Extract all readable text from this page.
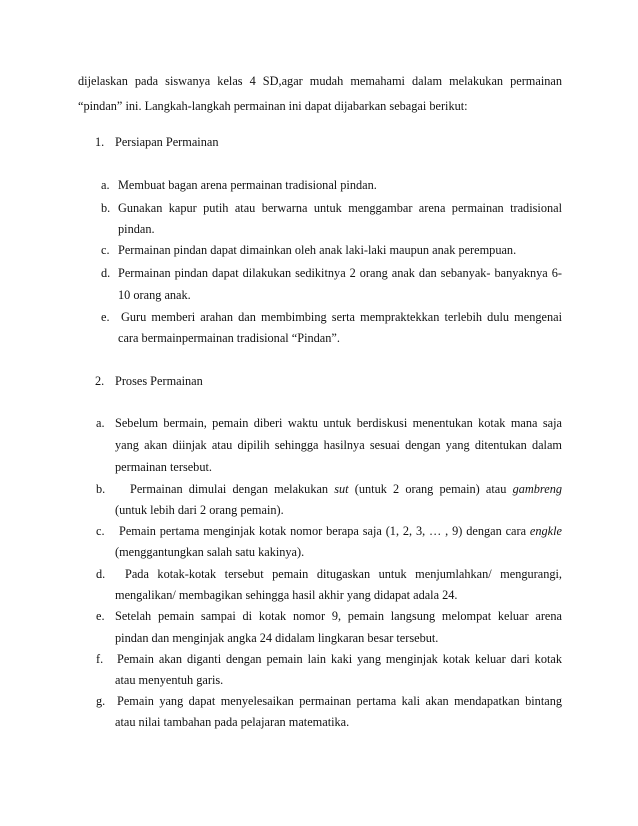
dijelaskan pada siswanya kelas 4 SD,agar mudah memahami dalam melakukan permainan
“pindan” ini. Langkah-langkah permainan ini dapat dijabarkan sebagai berikut:
1. Persiapan Permainan
a. Membuat bagan arena permainan tradisional pindan.
b. Gunakan kapur putih atau berwarna untuk menggambar arena permainan tradisional
pindan.
c. Permainan pindan dapat dimainkan oleh anak laki-laki maupun anak perempuan.
d. Permainan pindan dapat dilakukan sedikitnya 2 orang anak dan sebanyak- banyaknya 6-
10 orang anak.
e. Guru memberi arahan dan membimbing serta mempraktekkan terlebih dulu mengenai
cara bermainpermainan tradisional “Pindan”.
2. Proses Permainan
a. Sebelum bermain, pemain diberi waktu untuk berdiskusi menentukan kotak mana saja
yang akan diinjak atau dipilih sehingga hasilnya sesuai dengan yang ditentukan dalam
permainan tersebut.
b. Permainan dimulai dengan melakukan sut (untuk 2 orang pemain) atau gambreng
(untuk lebih dari 2 orang pemain).
c. Pemain pertama menginjak kotak nomor berapa saja (1, 2, 3, … , 9) dengan cara engkle
(menggantungkan salah satu kakinya).
d. Pada kotak-kotak tersebut pemain ditugaskan untuk menjumlahkan/ mengurangi,
mengalikan/ membagikan sehingga hasil akhir yang didapat adala 24.
e. Setelah pemain sampai di kotak nomor 9, pemain langsung melompat keluar arena
pindan dan menginjak angka 24 didalam lingkaran besar tersebut.
f. Pemain akan diganti dengan pemain lain kaki yang menginjak kotak keluar dari kotak
atau menyentuh garis.
g. Pemain yang dapat menyelesaikan permainan pertama kali akan mendapatkan bintang
atau nilai tambahan pada pelajaran matematika.
